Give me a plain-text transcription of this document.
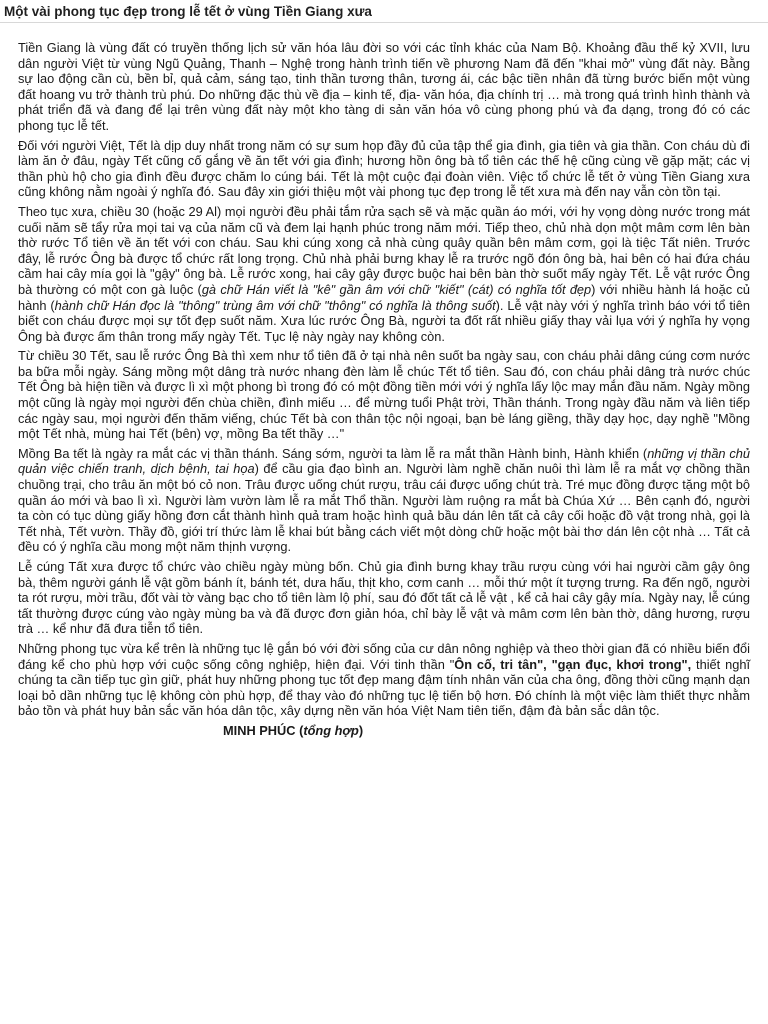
Một vài phong tục đẹp trong lễ tết ở vùng Tiền Giang xưa

Tiền Giang là vùng đất có truyền thống lịch sử văn hóa lâu đời so với các tỉnh khác của Nam Bộ. Khoảng đầu thế kỷ XVII, lưu dân người Việt từ vùng Ngũ Quảng, Thanh – Nghệ trong hành trình tiến về phương Nam đã đến "khai mở" vùng đất này. Bằng sự lao động cần cù, bền bỉ, quả cảm, sáng tạo, tinh thần tương thân, tương ái, các bậc tiền nhân đã từng bước biến một vùng đất hoang vu trở thành trù phú. Do những đặc thù về địa – kinh tế, địa- văn hóa, địa chính trị … mà trong quá trình hình thành và phát triển đã và đang để lại trên vùng đất này một kho tàng di sản văn hóa vô cùng phong phú và đa dạng, trong đó có các phong tục lễ tết.

Đối với người Việt, Tết là dịp duy nhất trong năm có sự sum họp đầy đủ của tập thể gia đình, gia tiên và gia thần. Con cháu dù đi làm ăn ở đâu, ngày Tết cũng cố gắng về ăn tết với gia đình; hương hồn ông bà tổ tiên các thế hệ cũng cùng về gặp mặt; các vị thần phù hộ cho gia đình đều được chăm lo cúng bái. Tết là một cuộc đại đoàn viên. Việc tổ chức lễ tết ở vùng Tiền Giang xưa cũng không nằm ngoài ý nghĩa đó. Sau đây xin giới thiệu một vài phong tục đẹp trong lễ tết xưa mà đến nay vẫn còn tồn tại.

Theo tục xưa, chiều 30 (hoặc 29 Al) mọi người đều phải tắm rửa sạch sẽ và mặc quần áo mới, với hy vọng dòng nước trong mát cuối năm sẽ tẩy rửa mọi tai vạ của năm cũ và đem lại hạnh phúc trong năm mới. Tiếp theo, chủ nhà dọn một mâm cơm lên bàn thờ rước Tổ tiên về ăn tết với con cháu. Sau khi cúng xong cả nhà cùng quây quần bên mâm cơm, gọi là tiệc Tất niên. Trước đây, lễ rước Ông bà được tổ chức rất long trọng. Chủ nhà phải bưng khay lễ ra trước ngõ đón ông bà, hai bên có hai đứa cháu cầm hai cây mía gọi là "gậy" ông bà. Lễ rước xong, hai cây gậy được buộc hai bên bàn thờ suốt mấy ngày Tết. Lễ vật rước Ông bà thường có một con gà luộc (gà chữ Hán viết là "kê" gần âm với chữ "kiết" (cát) có nghĩa tốt đẹp) với nhiều hành lá hoặc củ hành (hành chữ Hán đọc là "thông" trùng âm với chữ "thông" có nghĩa là thông suốt). Lễ vật này với ý nghĩa trình báo với tổ tiên biết con cháu được mọi sự tốt đẹp suốt năm. Xưa lúc rước Ông Bà, người ta đốt rất nhiều giấy thay vải lụa với ý nghĩa hy vọng Ông bà được ấm thân trong mấy ngày Tết. Tục lệ này ngày nay không còn.

Từ chiều 30 Tết, sau lễ rước Ông Bà thì xem như tổ tiên đã ở tại nhà nên suốt ba ngày sau, con cháu phải dâng cúng cơm nước ba bữa mỗi ngày. Sáng mồng một dâng trà nước nhang đèn làm lễ chúc Tết tổ tiên. Sau đó, con cháu phải dâng trà nước chúc Tết Ông bà hiện tiền và được lì xì một phong bì trong đó có một đồng tiền mới với ý nghĩa lấy lộc may mắn đầu năm. Ngày mồng một cũng là ngày mọi người đến chùa chiền, đình miếu … để mừng tuổi Phật trời, Thần thánh. Trong ngày đầu năm và liên tiếp các ngày sau, mọi người đến thăm viếng, chúc Tết bà con thân tộc nội ngoại, bạn bè láng giềng, thầy dạy học, dạy nghề "Mồng một Tết nhà, mùng hai Tết (bên) vợ, mồng Ba tết thầy …"

Mồng Ba tết là ngày ra mắt các vị thần thánh. Sáng sớm, người ta làm lễ ra mắt thần Hành binh, Hành khiển (những vị thần chủ quản việc chiến tranh, dịch bệnh, tai họa) để cầu gia đạo bình an. Người làm nghề chăn nuôi thì làm lễ ra mắt vợ chồng thần chuồng trại, cho trâu ăn một bó cỏ non. Trâu được uống chút rượu, trâu cái được uống chút trà. Tré mục đồng được tặng một bộ quần áo mới và bao lì xì. Người làm vườn làm lễ ra mắt Thổ thần. Người làm ruộng ra mắt bà Chúa Xứ … Bên cạnh đó, người ta còn có tục dùng giấy hồng đơn cắt thành hình quả tram hoặc hình quả bầu dán lên tất cả cây cối hoặc đồ vật trong nhà, gọi là Tết nhà, Tết vườn. Thầy đồ, giới trí thức làm lễ khai bút bằng cách viết một dòng chữ hoặc một bài thơ dán lên cột nhà … Tất cả đều có ý nghĩa cầu mong một năm thịnh vượng.

Lễ cúng Tất xưa được tổ chức vào chiều ngày mùng bốn. Chủ gia đình bưng khay trầu rượu cùng với hai người cầm gậy ông bà, thêm người gánh lễ vật gồm bánh ít, bánh tét, dưa hấu, thịt kho, cơm canh … mỗi thứ một ít tượng trưng. Ra đến ngõ, người ta rót rượu, mời trầu, đốt vài tờ vàng bạc cho tổ tiên làm lộ phí, sau đó đốt tất cả lễ vật , kể cả hai cây gậy mía. Ngày nay, lễ cúng tất thường được cúng vào ngày mùng ba và đã được đơn giản hóa, chỉ bày lễ vật và mâm cơm lên bàn thờ, dâng hương, rượu trà … kể như đã đưa tiễn tổ tiên.

Những phong tục vừa kể trên là những tục lệ gắn bó với đời sống của cư dân nông nghiệp và theo thời gian đã có nhiều biến đổi đáng kể cho phù hợp với cuộc sống công nghiệp, hiện đại. Với tinh thần "Ôn cố, tri tân", "gạn đục, khơi trong", thiết nghĩ chúng ta cần tiếp tục gìn giữ, phát huy những phong tục tốt đẹp mang đậm tính nhân văn của cha ông, đồng thời cũng mạnh dạn loại bỏ dần những tục lệ không còn phù hợp, để thay vào đó những tục lệ tiến bộ hơn. Đó chính là một việc làm thiết thực nhằm bảo tồn và phát huy bản sắc văn hóa dân tộc, xây dựng nền văn hóa Việt Nam tiên tiến, đậm đà bản sắc dân tộc.

MINH PHÚC (tổng hợp)
